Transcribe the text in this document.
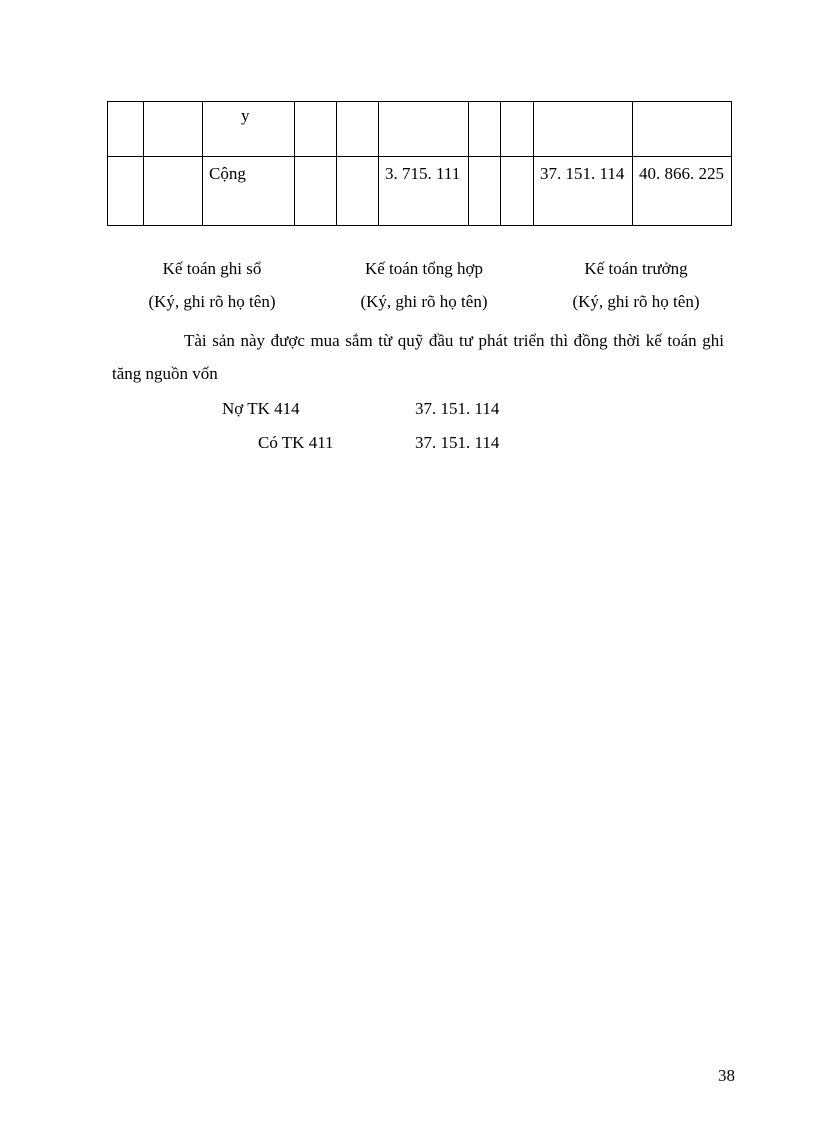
		y							
		Cộng			3. 715. 111			37. 151. 114	40. 866. 225
Kế toán ghi sổ
(Ký, ghi rõ họ tên)
Kế toán tổng hợp
(Ký, ghi rõ họ tên)
Kế toán trưởng
(Ký, ghi rõ họ tên)

Tài sản này được mua sắm từ quỹ đầu tư phát triển thì đồng thời kế toán ghi tăng nguồn vốn

Nợ TK 414	37. 151. 114
Có TK 411	37. 151. 114
38
